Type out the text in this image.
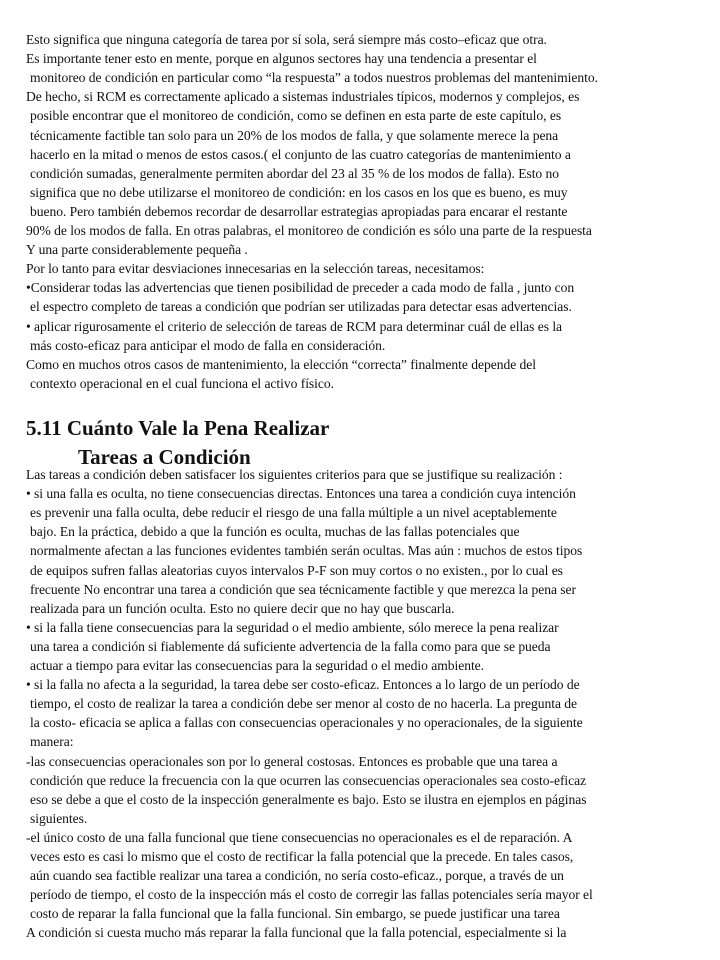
Esto significa que ninguna categoría de tarea por sí sola, será siempre más costo–eficaz que otra.
Es importante tener esto en mente, porque en algunos sectores hay una tendencia a presentar el
monitoreo de condición en particular como “la respuesta” a todos nuestros problemas del mantenimiento.
De hecho, si RCM es correctamente aplicado a sistemas industriales típicos, modernos y complejos, es
posible encontrar que el monitoreo de condición, como se definen en esta parte de este capítulo, es
técnicamente factible tan solo para un 20% de los modos de falla, y que solamente merece la pena
hacerlo en la mitad o menos de estos casos.( el conjunto de las cuatro categorías de mantenimiento a
condición sumadas, generalmente permiten abordar del 23 al 35 % de los modos de falla). Esto no
significa que no debe utilizarse el monitoreo de condición: en los casos en los que es bueno, es muy
bueno. Pero también debemos recordar de desarrollar estrategias apropiadas para encarar el restante
90% de los modos de falla. En otras palabras, el monitoreo de condición es sólo una parte de la respuesta
Y una parte considerablemente pequeña .
Por lo tanto para evitar desviaciones innecesarias en la selección tareas, necesitamos:
•Considerar todas las advertencias que tienen posibilidad de preceder a cada modo de falla , junto con
el espectro completo de tareas a condición que podrían ser utilizadas para detectar esas advertencias.
• aplicar rigurosamente el criterio de selección de tareas de RCM para determinar cuál de ellas es la
más costo-eficaz para anticipar el modo de falla en consideración.
Como en muchos otros casos de mantenimiento, la elección “correcta” finalmente depende del
contexto operacional en el cual funciona el activo físico.
5.11 Cuánto Vale la Pena Realizar
Tareas a Condición
Las tareas a condición deben satisfacer los siguientes criterios para que se justifique su realización :
• si una falla es oculta, no tiene consecuencias directas. Entonces una tarea a condición cuya intención
es prevenir una falla oculta, debe reducir el riesgo de una falla múltiple a un nivel aceptablemente
bajo. En la práctica, debido a que la función es oculta, muchas de las fallas potenciales que
normalmente afectan a las funciones evidentes también serán ocultas. Mas aún : muchos de estos tipos
de equipos sufren fallas aleatorias cuyos intervalos P-F son muy cortos o no existen., por lo cual es
frecuente No encontrar una tarea a condición que sea técnicamente factible y que merezca la pena ser
realizada para un función oculta. Esto no quiere decir que no hay que buscarla.
• si la falla tiene consecuencias para la seguridad o el medio ambiente, sólo merece la pena realizar
una tarea a condición si fiablemente dá suficiente advertencia de la falla como para que se pueda
actuar a tiempo para evitar las consecuencias para la seguridad o el medio ambiente.
• si la falla no afecta a la seguridad, la tarea debe ser costo-eficaz. Entonces a lo largo de un período de
tiempo, el costo de realizar la tarea a condición debe ser menor al costo de no hacerla. La pregunta de
la costo- eficacia se aplica a fallas con consecuencias operacionales y no operacionales, de la siguiente
manera:
-las consecuencias operacionales son por lo general costosas. Entonces es probable que una tarea a
condición que reduce la frecuencia con la que ocurren las consecuencias operacionales sea costo-eficaz
eso se debe a que el costo de la inspección generalmente es bajo. Esto se ilustra en ejemplos en páginas
siguientes.
-el único costo de una falla funcional que tiene consecuencias no operacionales es el de reparación. A
veces esto es casi lo mismo que el costo de rectificar la falla potencial que la precede. En tales casos,
aún cuando sea factible realizar una tarea a condición, no sería costo-eficaz., porque, a través de un
período de tiempo, el costo de la inspección más el costo de corregir las fallas potenciales sería mayor el
costo de reparar la falla funcional que la falla funcional. Sin embargo, se puede justificar una tarea
A condición si cuesta mucho más reparar la falla funcional que la falla potencial, especialmente si la
